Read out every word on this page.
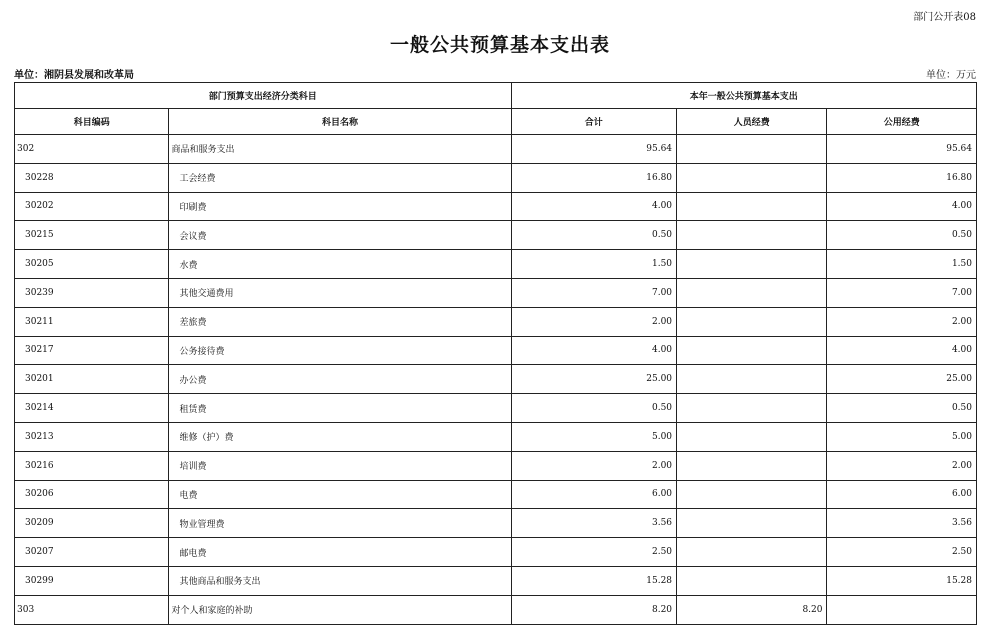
部门公开表08
一般公共预算基本支出表
单位：湘阴县发展和改革局	单位：万元
部门预算支出经济分类科目		本年一般公共预算基本支出		
科目编码	科目名称	合计	人员经费	公用经费
302	商品和服务支出	95.64		95.64
30228	工会经费	16.80		16.80
30202	印刷费	4.00		4.00
30215	会议费	0.50		0.50
30205	水费	1.50		1.50
30239	其他交通费用	7.00		7.00
30211	差旅费	2.00		2.00
30217	公务接待费	4.00		4.00
30201	办公费	25.00		25.00
30214	租赁费	0.50		0.50
30213	维修（护）费	5.00		5.00
30216	培训费	2.00		2.00
30206	电费	6.00		6.00
30209	物业管理费	3.56		3.56
30207	邮电费	2.50		2.50
30299	其他商品和服务支出	15.28		15.28
303	对个人和家庭的补助	8.20	8.20	
